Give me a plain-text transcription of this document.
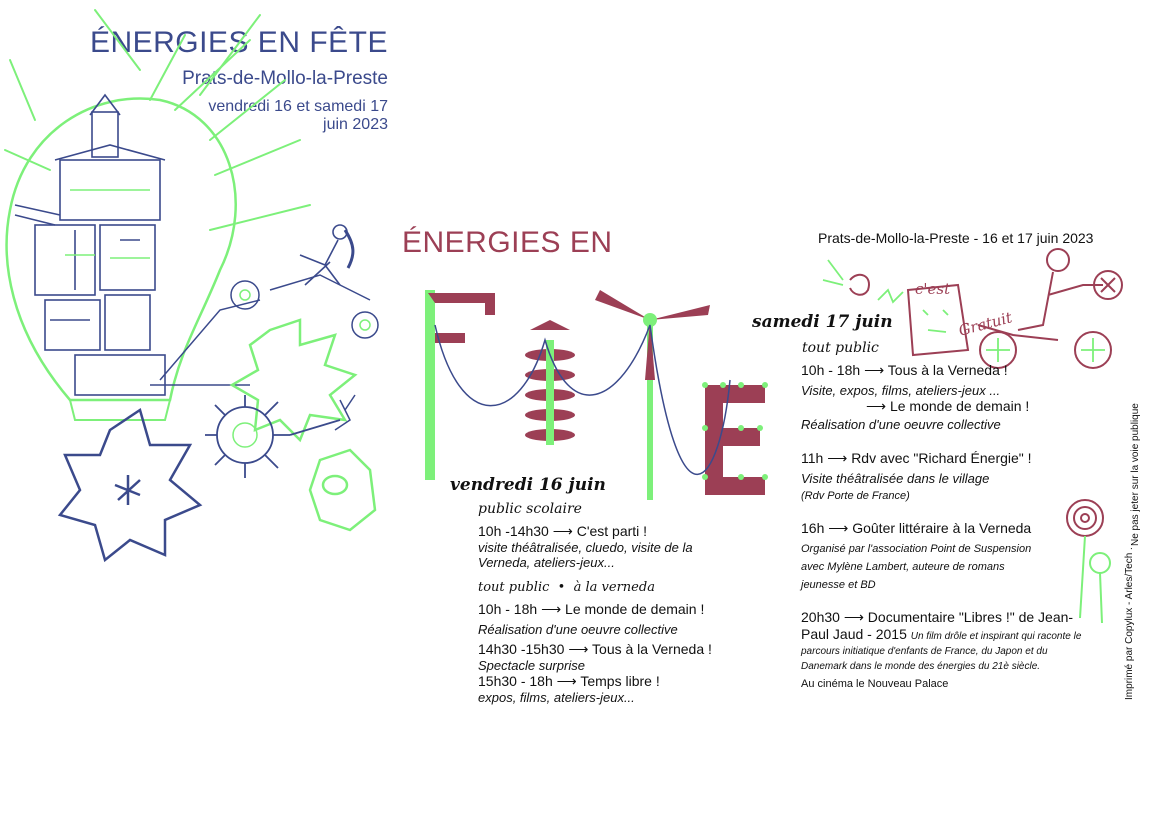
ÉNERGIES EN FÊTE
Prats-de-Mollo-la-Preste
vendredi 16 et samedi 17
juin 2023
ÉNERGIES EN	Prats-de-Mollo-la-Preste - 16 et 17 juin 2023
c'est
Gratuit
vendredi 16 juin
public scolaire
10h -14h30 ⟶ C'est parti !
visite théâtralisée, cluedo, visite de la
Verneda, ateliers-jeux...
tout public  •  à la verneda
10h - 18h ⟶ Le monde de demain !
Réalisation d'une oeuvre collective
14h30 -15h30 ⟶ Tous à la Verneda !
Spectacle surprise
15h30 - 18h ⟶ Temps libre !
expos, films, ateliers-jeux...
samedi 17 juin
tout public
10h - 18h ⟶ Tous à la Verneda !
Visite, expos, films, ateliers-jeux ...
⟶ Le monde de demain !
Réalisation d'une oeuvre collective
11h ⟶ Rdv avec "Richard Énergie" !
Visite théâtralisée dans le village
(Rdv Porte de France)
16h ⟶ Goûter littéraire à la Verneda
Organisé par l'association Point de Suspension
avec Mylène Lambert, auteure de romans
jeunesse et BD
20h30 ⟶ Documentaire "Libres !" de Jean-
Paul Jaud - 2015 Un film drôle et inspirant qui raconte le
parcours initiatique d'enfants de France, du Japon et du
Danemark dans le monde des énergies du 21è siècle.
Au cinéma le Nouveau Palace	Imprimé par Copylux - Arles/Tech .
Ne pas jeter sur la voie publique
